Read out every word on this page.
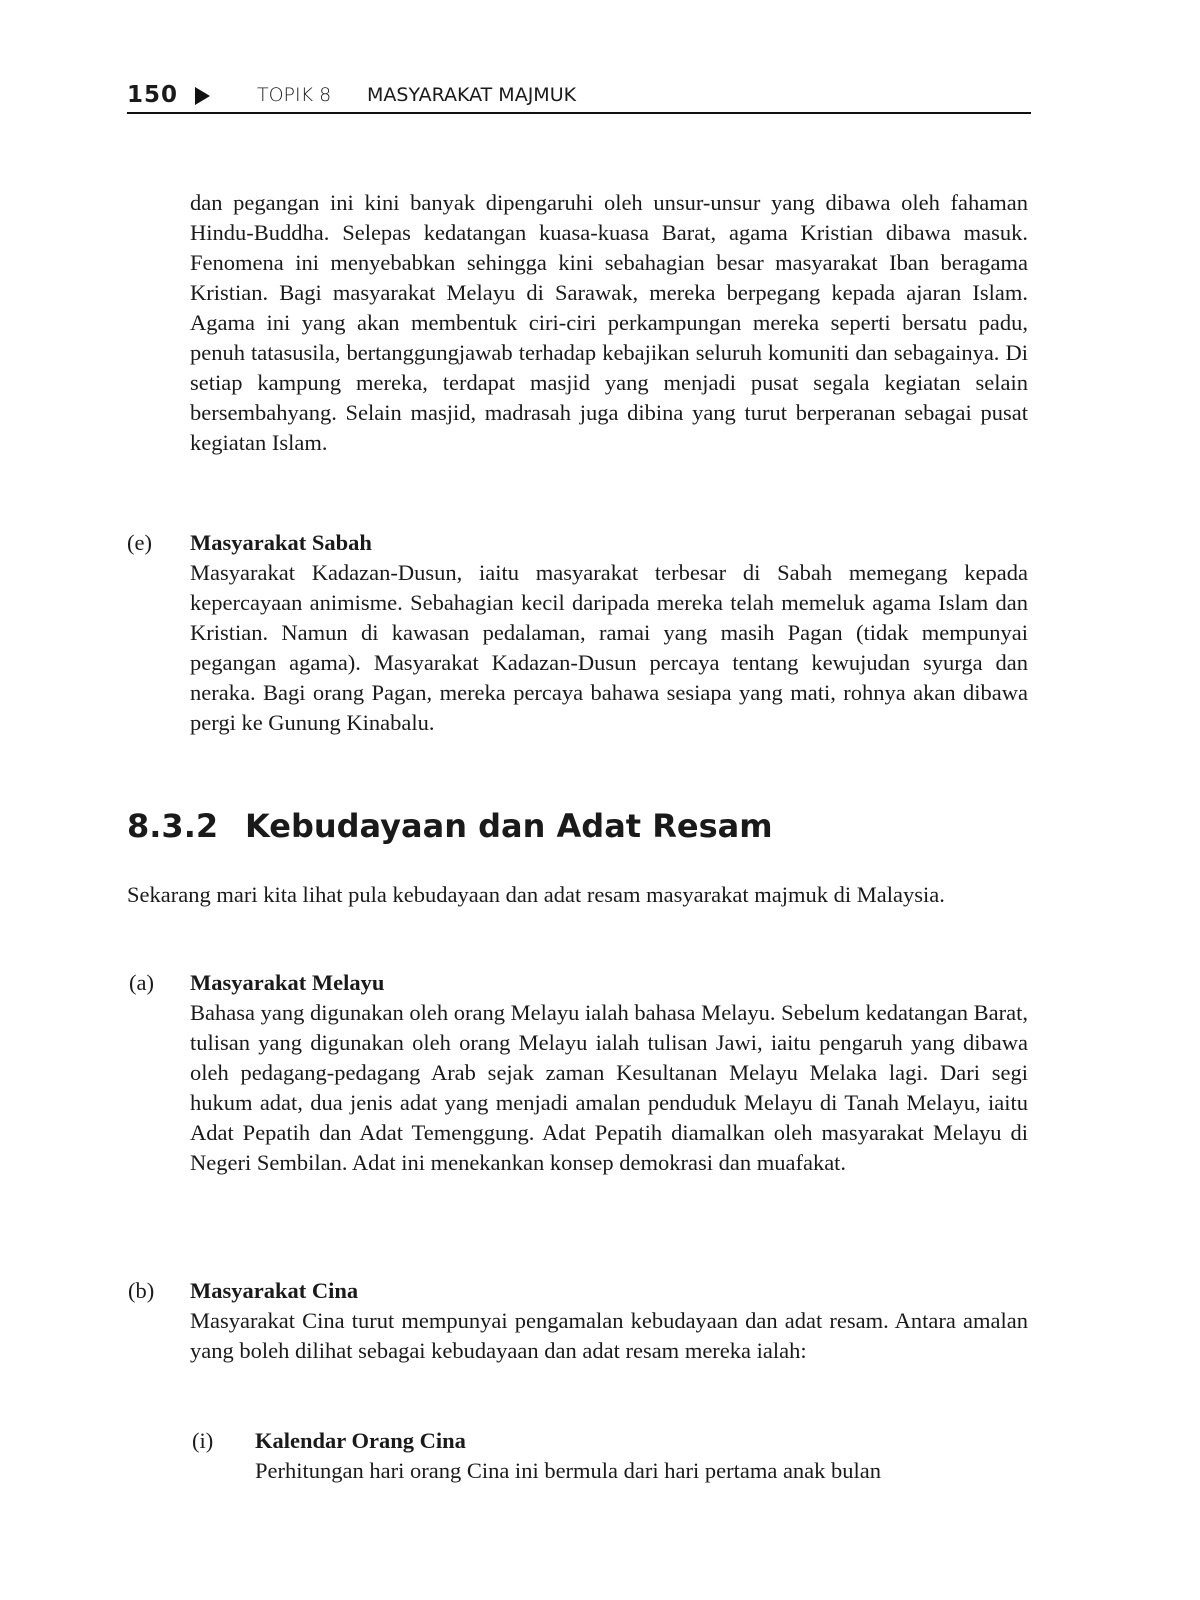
150	TOPIK 8 MASYARAKAT MAJMUK

dan pegangan ini kini banyak dipengaruhi oleh unsur-unsur yang dibawa oleh fahaman Hindu-Buddha. Selepas kedatangan kuasa-kuasa Barat, agama Kristian dibawa masuk. Fenomena ini menyebabkan sehingga kini sebahagian besar masyarakat Iban beragama Kristian. Bagi masyarakat Melayu di Sarawak, mereka berpegang kepada ajaran Islam. Agama ini yang akan membentuk ciri-ciri perkampungan mereka seperti bersatu padu, penuh tatasusila, bertanggungjawab terhadap kebajikan seluruh komuniti dan sebagainya. Di setiap kampung mereka, terdapat masjid yang menjadi pusat segala kegiatan selain bersembahyang. Selain masjid, madrasah juga dibina yang turut berperanan sebagai pusat kegiatan Islam.

(e) Masyarakat Sabah

Masyarakat Kadazan-Dusun, iaitu masyarakat terbesar di Sabah memegang kepada kepercayaan animisme. Sebahagian kecil daripada mereka telah memeluk agama Islam dan Kristian. Namun di kawasan pedalaman, ramai yang masih Pagan (tidak mempunyai pegangan agama). Masyarakat Kadazan-Dusun percaya tentang kewujudan syurga dan neraka. Bagi orang Pagan, mereka percaya bahawa sesiapa yang mati, rohnya akan dibawa pergi ke Gunung Kinabalu.

8.3.2 Kebudayaan dan Adat Resam

Sekarang mari kita lihat pula kebudayaan dan adat resam masyarakat majmuk di Malaysia.

(a) Masyarakat Melayu

Bahasa yang digunakan oleh orang Melayu ialah bahasa Melayu. Sebelum kedatangan Barat, tulisan yang digunakan oleh orang Melayu ialah tulisan Jawi, iaitu pengaruh yang dibawa oleh pedagang-pedagang Arab sejak zaman Kesultanan Melayu Melaka lagi. Dari segi hukum adat, dua jenis adat yang menjadi amalan penduduk Melayu di Tanah Melayu, iaitu Adat Pepatih dan Adat Temenggung. Adat Pepatih diamalkan oleh masyarakat Melayu di Negeri Sembilan. Adat ini menekankan konsep demokrasi dan muafakat.

(b) Masyarakat Cina

Masyarakat Cina turut mempunyai pengamalan kebudayaan dan adat resam. Antara amalan yang boleh dilihat sebagai kebudayaan dan adat resam mereka ialah:

(i) Kalendar Orang Cina

Perhitungan hari orang Cina ini bermula dari hari pertama anak bulan
